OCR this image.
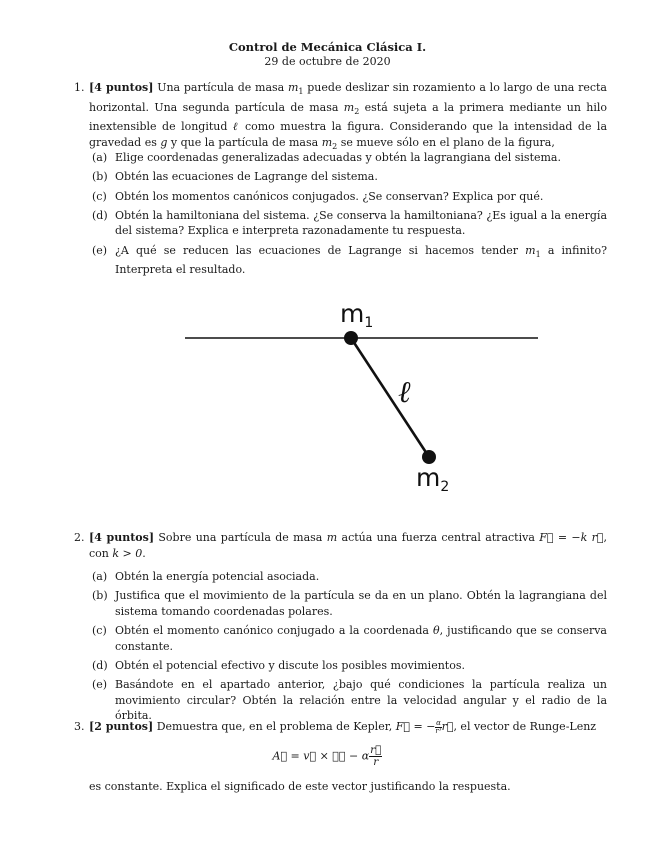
Control de Mecánica Clásica I.
29 de octubre de 2020
1. [4 puntos] Una partícula de masa $m_1$ puede deslizar sin rozamiento a lo largo de una recta horizontal. Una segunda partícula de masa $m_2$ está sujeta a la primera mediante un hilo inextensible de longitud ℓ como muestra la figura. Considerando que la intensidad de la gravedad es g y que la partícula de masa $m_2$ se mueve sólo en el plano de la figura,
(a) Elige coordenadas generalizadas adecuadas y obtén la lagrangiana del sistema.
(b) Obtén las ecuaciones de Lagrange del sistema.
(c) Obtén los momentos canónicos conjugados. ¿Se conservan? Explica por qué.
(d) Obtén la hamiltoniana del sistema. ¿Se conserva la hamiltoniana? ¿Es igual a la energía del sistema? Explica e interpreta razonadamente tu respuesta.
(e) ¿A qué se reducen las ecuaciones de Lagrange si hacemos tender $m_1$ a infinito? Interpreta el resultado.
$m_1$
ℓ
$m_2$
2. [4 puntos] Sobre una partícula de masa m actúa una fuerza central atractiva F⃗ = −k r⃗, con k > 0.
(a) Obtén la energía potencial asociada.
(b) Justifica que el movimiento de la partícula se da en un plano. Obtén la lagrangiana del sistema tomando coordenadas polares.
(c) Obtén el momento canónico conjugado a la coordenada θ, justificando que se conserva constante.
(d) Obtén el potencial efectivo y discute los posibles movimientos.
(e) Basándote en el apartado anterior, ¿bajo qué condiciones la partícula realiza un movimiento circular? Obtén la relación entre la velocidad angular y el radio de la órbita.
3. [2 puntos] Demuestra que, en el problema de Kepler, F⃗ = − $\frac{\alpha}{\text{r³}}$ r⃗, el vector de Runge-Lenz
A⃗ = v⃗ × ℓ⃗ − α $\frac{r⃗}{r}$
es constante. Explica el significado de este vector justificando la respuesta.
